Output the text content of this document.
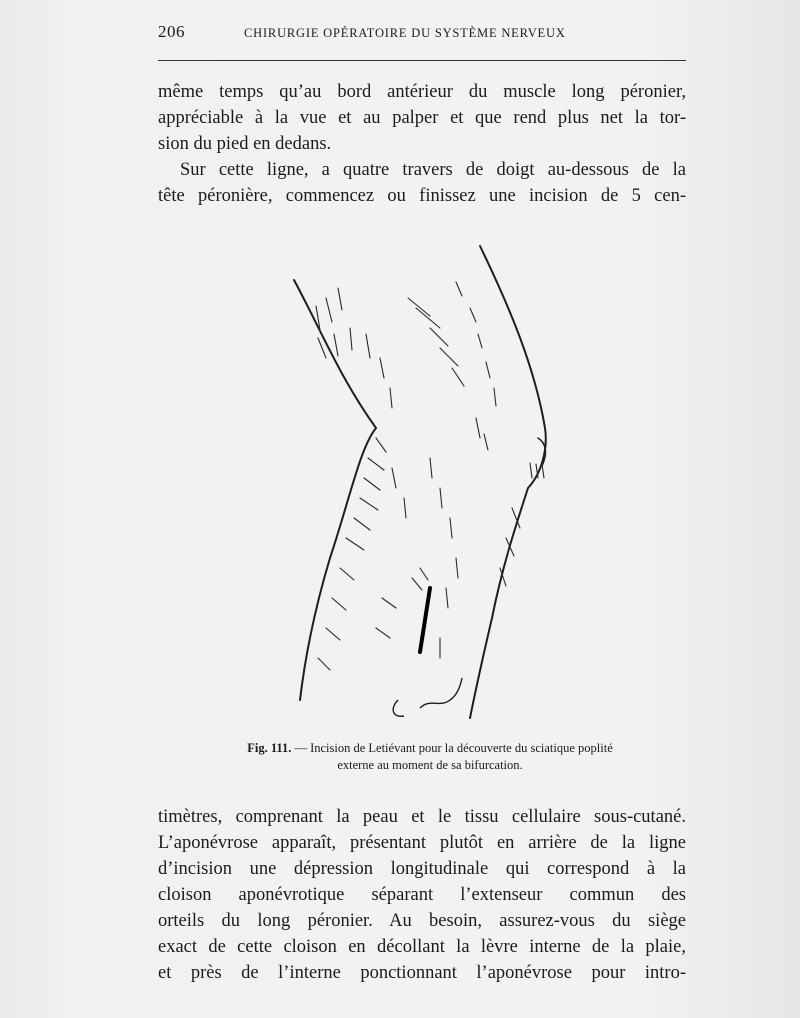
206	CHIRURGIE OPÉRATOIRE DU SYSTÈME NERVEUX
même temps qu’au bord antérieur du muscle long péronier,
appréciable à la vue et au palper et que rend plus net la tor-
sion du pied en dedans.
Sur cette ligne, a quatre travers de doigt au-dessous de la
tête péronière, commencez ou finissez une incision de 5 cen-
Fig. 111. — Incision de Letiévant pour la découverte du sciatique poplité
externe au moment de sa bifurcation.
timètres, comprenant la peau et le tissu cellulaire sous-cutané.
L’aponévrose apparaît, présentant plutôt en arrière de la ligne
d’incision une dépression longitudinale qui correspond à la
cloison aponévrotique séparant l’extenseur commun des
orteils du long péronier. Au besoin, assurez-vous du siège
exact de cette cloison en décollant la lèvre interne de la plaie,
et près de l’interne ponctionnant l’aponévrose pour intro-
